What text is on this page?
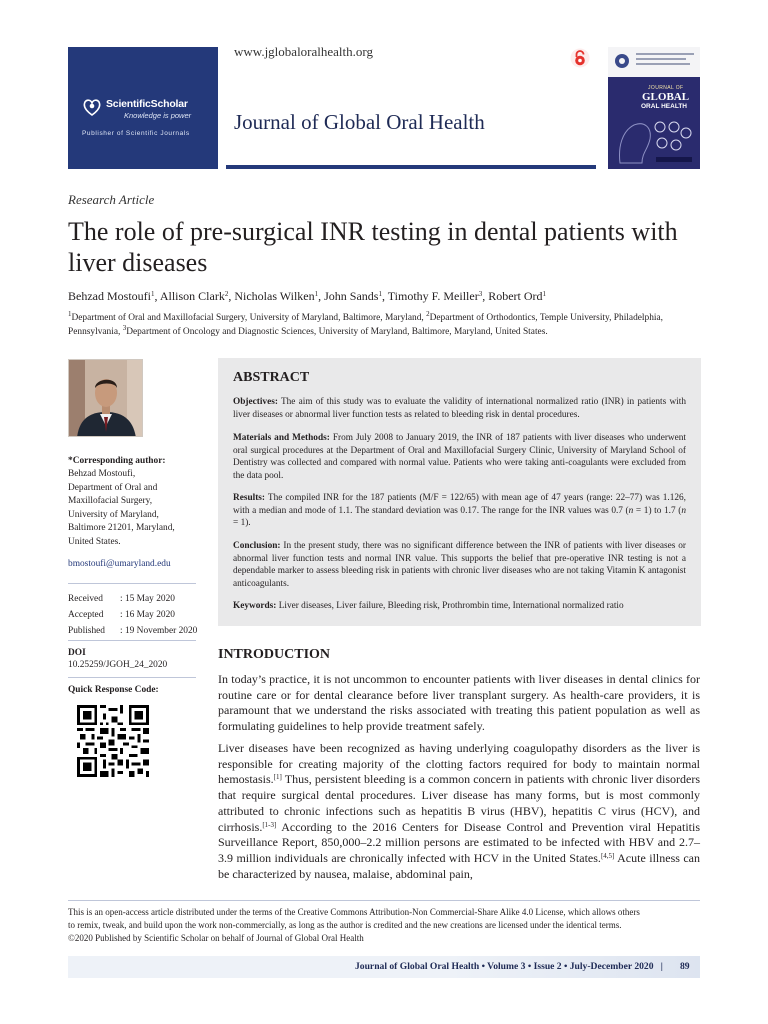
ScientificScholar
Knowledge is power
Publisher of Scientific Journals
www.jglobaloralhealth.org
Journal of Global Oral Health
JOURNAL OF
GLOBAL
ORAL HEALTH
Research Article
The role of pre-surgical INR testing in dental patients with liver diseases
Behzad Mostoufi$^1$, Allison Clark$^2$, Nicholas Wilken$^1$, John Sands$^1$, Timothy F. Meiller$^3$, Robert Ord$^1$
$^1$Department of Oral and Maxillofacial Surgery, University of Maryland, Baltimore, Maryland, $^2$Department of Orthodontics, Temple University, Philadelphia, Pennsylvania, $^3$Department of Oncology and Diagnostic Sciences, University of Maryland, Baltimore, Maryland, United States.
*Corresponding author:
Behzad Mostoufi,
Department of Oral and
Maxillofacial Surgery,
University of Maryland,
Baltimore 21201, Maryland,
United States.
bmostoufi@umaryland.edu
Received : 15 May 2020
Accepted : 16 May 2020
Published : 19 November 2020
DOI
10.25259/JGOH_24_2020
Quick Response Code:
ABSTRACT
Objectives: The aim of this study was to evaluate the validity of international normalized ratio (INR) in patients with liver diseases or abnormal liver function tests as related to bleeding risk in dental procedures.
Materials and Methods: From July 2008 to January 2019, the INR of 187 patients with liver diseases who underwent oral surgical procedures at the Department of Oral and Maxillofacial Surgery Clinic, University of Maryland School of Dentistry was collected and compared with normal value. Patients who were taking anti-coagulants were excluded from the data pool.
Results: The compiled INR for the 187 patients (M/F = 122/65) with mean age of 47 years (range: 22–77) was 1.126, with a median and mode of 1.1. The standard deviation was 0.17. The range for the INR values was 0.7 (n = 1) to 1.7 (n = 1).
Conclusion: In the present study, there was no significant difference between the INR of patients with liver diseases or abnormal liver function tests and normal INR value. This supports the belief that pre-operative INR testing is not a dependable marker to assess bleeding risk in patients with chronic liver diseases who are not taking Vitamin K antagonist anticoagulants.
Keywords: Liver diseases, Liver failure, Bleeding risk, Prothrombin time, International normalized ratio
INTRODUCTION

In today’s practice, it is not uncommon to encounter patients with liver diseases in dental clinics for routine care or for dental clearance before liver transplant surgery. As health-care providers, it is paramount that we understand the risks associated with treating this patient population as well as formulating guidelines to help provide treatment safely.

Liver diseases have been recognized as having underlying coagulopathy disorders as the liver is responsible for creating majority of the clotting factors required for body to maintain normal hemostasis.[1] Thus, persistent bleeding is a common concern in patients with chronic liver disorders that require surgical dental procedures. Liver disease has many forms, but is most commonly attributed to chronic infections such as hepatitis B virus (HBV), hepatitis C virus (HCV), and cirrhosis.[1-3] According to the 2016 Centers for Disease Control and Prevention viral Hepatitis Surveillance Report, 850,000–2.2 million persons are estimated to be infected with HBV and 2.7–3.9 million individuals are chronically infected with HCV in the United States.[4,5] Acute illness can be characterized by nausea, malaise, abdominal pain,

This is an open-access article distributed under the terms of the Creative Commons Attribution-Non Commercial-Share Alike 4.0 License, which allows others
to remix, tweak, and build upon the work non-commercially, as long as the author is credited and the new creations are licensed under the identical terms.
©2020 Published by Scientific Scholar on behalf of Journal of Global Oral Health
Journal of Global Oral Health • Volume 3 • Issue 2 • July-December 2020 | 89
